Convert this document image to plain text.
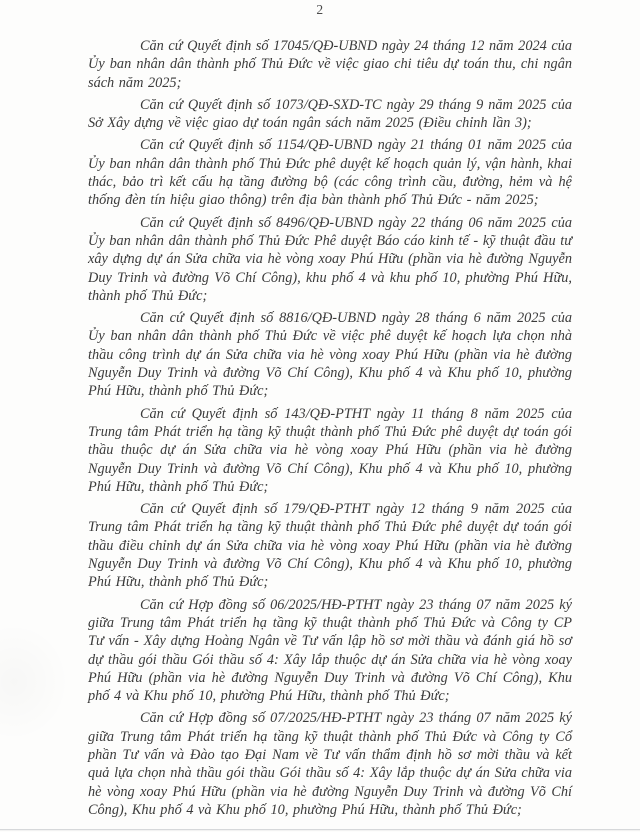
2

Căn cứ Quyết định số 17045/QĐ-UBND ngày 24 tháng 12 năm 2024 của Ủy ban nhân dân thành phố Thủ Đức về việc giao chi tiêu dự toán thu, chi ngân sách năm 2025;

Căn cứ Quyết định số 1073/QĐ-SXD-TC ngày 29 tháng 9 năm 2025 của Sở Xây dựng về việc giao dự toán ngân sách năm 2025 (Điều chỉnh lần 3);

Căn cứ Quyết định số 1154/QĐ-UBND ngày 21 tháng 01 năm 2025 của Ủy ban nhân dân thành phố Thủ Đức phê duyệt kế hoạch quản lý, vận hành, khai thác, bảo trì kết cấu hạ tầng đường bộ (các công trình cầu, đường, hẻm và hệ thống đèn tín hiệu giao thông) trên địa bàn thành phố Thủ Đức - năm 2025;

Căn cứ Quyết định số 8496/QĐ-UBND ngày 22 tháng 06 năm 2025 của Ủy ban nhân dân thành phố Thủ Đức Phê duyệt Báo cáo kinh tế - kỹ thuật đầu tư xây dựng dự án Sửa chữa via hè vòng xoay Phú Hữu (phần via hè đường Nguyễn Duy Trinh và đường Võ Chí Công), khu phố 4 và khu phố 10, phường Phú Hữu, thành phố Thủ Đức;

Căn cứ Quyết định số 8816/QĐ-UBND ngày 28 tháng 6 năm 2025 của Ủy ban nhân dân thành phố Thủ Đức về việc phê duyệt kế hoạch lựa chọn nhà thầu công trình dự án Sửa chữa via hè vòng xoay Phú Hữu (phần via hè đường Nguyễn Duy Trinh và đường Võ Chí Công), Khu phố 4 và Khu phố 10, phường Phú Hữu, thành phố Thủ Đức;

Căn cứ Quyết định số 143/QĐ-PTHT ngày 11 tháng 8 năm 2025 của Trung tâm Phát triển hạ tầng kỹ thuật thành phố Thủ Đức phê duyệt dự toán gói thầu thuộc dự án Sửa chữa via hè vòng xoay Phú Hữu (phần via hè đường Nguyễn Duy Trinh và đường Võ Chí Công), Khu phố 4 và Khu phố 10, phường Phú Hữu, thành phố Thủ Đức;

Căn cứ Quyết định số 179/QĐ-PTHT ngày 12 tháng 9 năm 2025 của Trung tâm Phát triển hạ tầng kỹ thuật thành phố Thủ Đức phê duyệt dự toán gói thầu điều chỉnh dự án Sửa chữa via hè vòng xoay Phú Hữu (phần via hè đường Nguyễn Duy Trinh và đường Võ Chí Công), Khu phố 4 và Khu phố 10, phường Phú Hữu, thành phố Thủ Đức;

Căn cứ Hợp đồng số 06/2025/HĐ-PTHT ngày 23 tháng 07 năm 2025 ký giữa Trung tâm Phát triển hạ tầng kỹ thuật thành phố Thủ Đức và Công ty CP Tư vấn - Xây dựng Hoàng Ngân về Tư vấn lập hồ sơ mời thầu và đánh giá hồ sơ dự thầu gói thầu Gói thầu số 4: Xây lắp thuộc dự án Sửa chữa via hè vòng xoay Phú Hữu (phần via hè đường Nguyễn Duy Trinh và đường Võ Chí Công), Khu phố 4 và Khu phố 10, phường Phú Hữu, thành phố Thủ Đức;

Căn cứ Hợp đồng số 07/2025/HĐ-PTHT ngày 23 tháng 07 năm 2025 ký giữa Trung tâm Phát triển hạ tầng kỹ thuật thành phố Thủ Đức và Công ty Cổ phần Tư vấn và Đào tạo Đại Nam về Tư vấn thẩm định hồ sơ mời thầu và kết quả lựa chọn nhà thầu gói thầu Gói thầu số 4: Xây lắp thuộc dự án Sửa chữa via hè vòng xoay Phú Hữu (phần via hè đường Nguyễn Duy Trinh và đường Võ Chí Công), Khu phố 4 và Khu phố 10, phường Phú Hữu, thành phố Thủ Đức;
